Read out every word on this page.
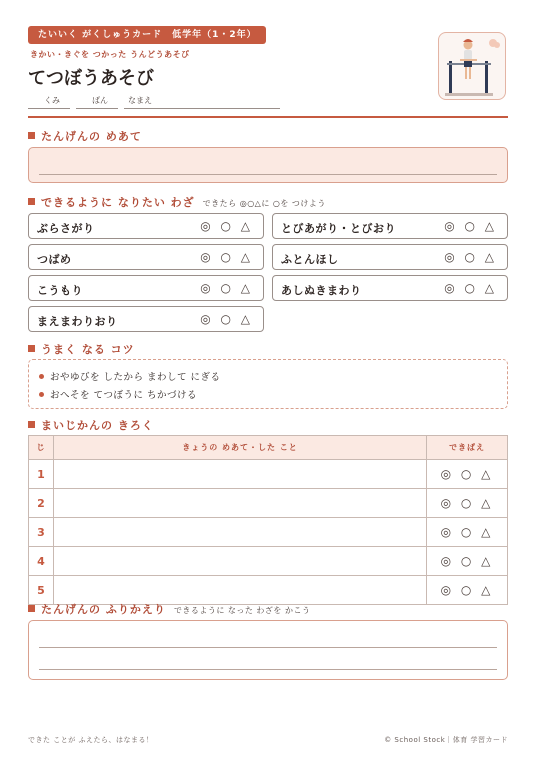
たいいく がくしゅうカード　低学年（1・2年）
きかい・きぐを つかった うんどうあそび
てつぼうあそび
くみ	ばん	なまえ
たんげんの めあて
できるように なりたい わざ できたら ◎○△に ○を つけよう
ぶらさがり	◎ ○ △	とびあがり・とびおり	◎ ○ △
つばめ	◎ ○ △	ふとんほし	◎ ○ △
こうもり	◎ ○ △	あしぬきまわり	◎ ○ △
まえまわりおり	◎ ○ △
うまく なる コツ
おやゆびを したから まわして にぎる
おへそを てつぼうに ちかづける
まいじかんの きろく
じ	きょうの めあて・した こと	できばえ
1		◎ ○ △
2		◎ ○ △
3		◎ ○ △
4		◎ ○ △
5		◎ ○ △
たんげんの ふりかえり できるように なった わざを かこう
できた ことが ふえたら、はなまる！	© School Stock｜体育 学習カード
